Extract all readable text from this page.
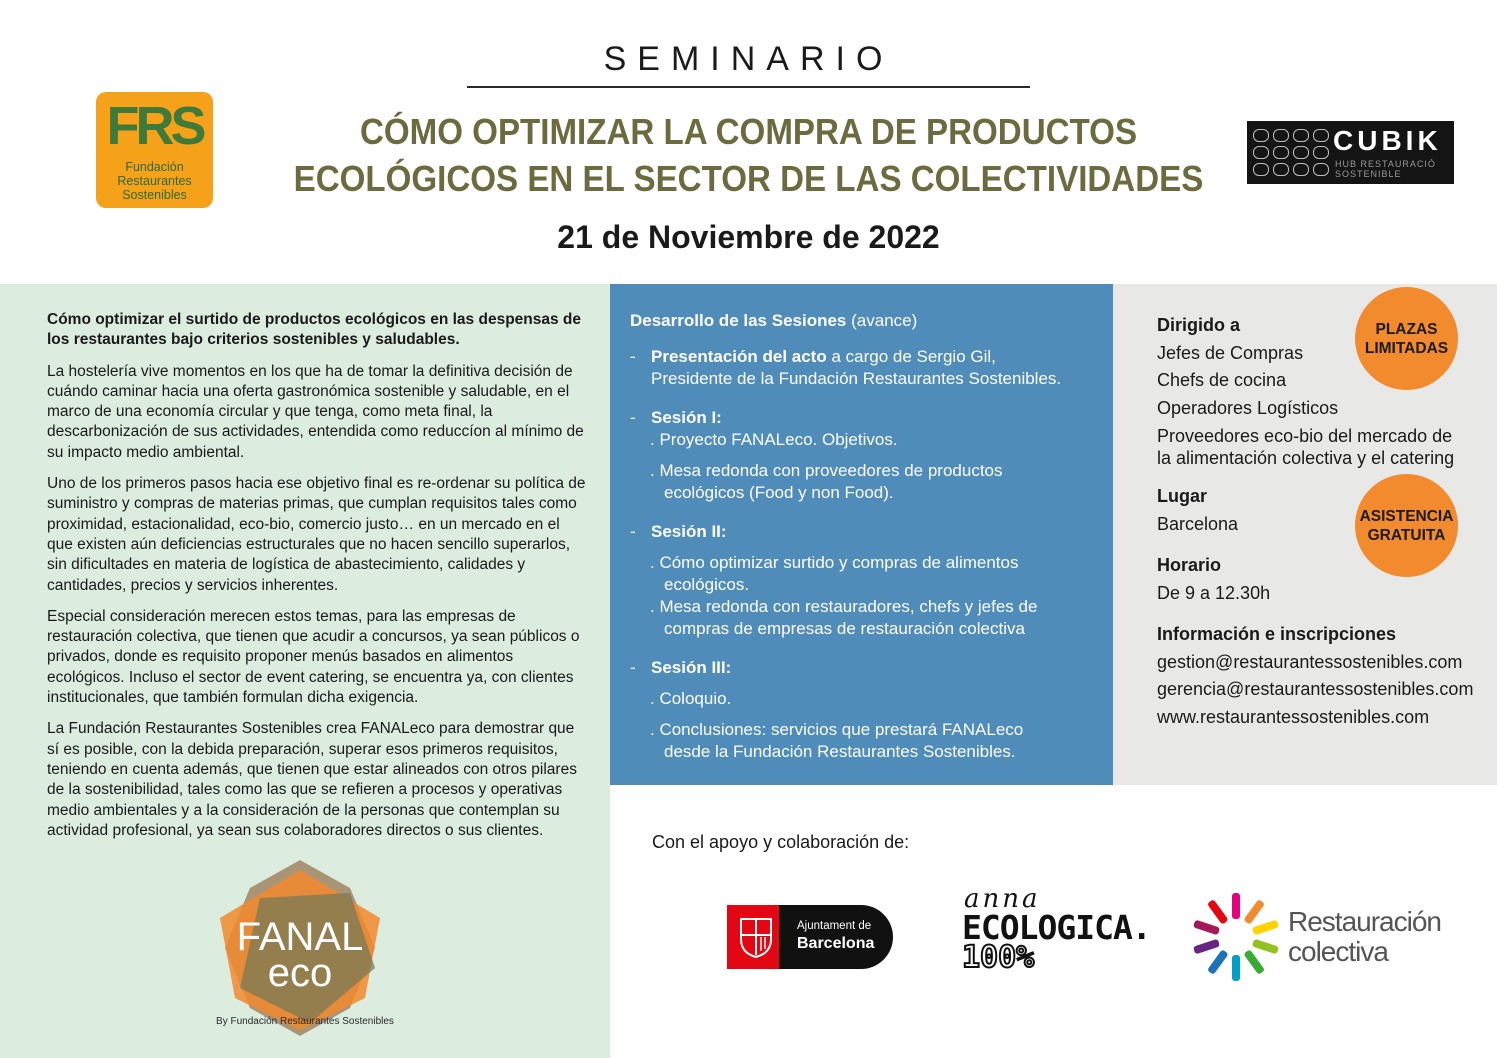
SEMINARIO
CÓMO OPTIMIZAR LA COMPRA DE PRODUCTOS
ECOLÓGICOS EN EL SECTOR DE LAS COLECTIVIDADES
21 de Noviembre de 2022
FRS
Fundación
Restaurantes
Sostenibles
CUBIK
HUB RESTAURACIÓ
SOSTENIBLE

Cómo optimizar el surtido de productos ecológicos en las despensas de los restaurantes bajo criterios sostenibles y saludables.

La hostelería vive momentos en los que ha de tomar la definitiva decisión de cuándo caminar hacia una oferta gastronómica sostenible y saludable, en el marco de una economía circular y que tenga, como meta final, la descarbonización de sus actividades, entendida como reduccíon al mínimo de su impacto medio ambiental.

Uno de los primeros pasos hacia ese objetivo final es re-ordenar su política de suministro y compras de materias primas, que cumplan requisitos tales como proximidad, estacionalidad, eco-bio, comercio justo… en un mercado en el que existen aún deficiencias estructurales que no hacen sencillo superarlos, sin dificultades en materia de logística de abastecimiento, calidades y cantidades, precios y servicios inherentes.

Especial consideración merecen estos temas, para las empresas de restauración colectiva, que tienen que acudir a concursos, ya sean públicos o privados, donde es requisito proponer menús basados en alimentos ecológicos. Incluso el sector de event catering, se encuentra ya, con clientes institucionales, que también formulan dicha exigencia.

La Fundación Restaurantes Sostenibles crea FANALeco para demostrar que sí es posible, con la debida preparación, superar esos primeros requisitos, teniendo en cuenta además, que tienen que estar alineados con otros pilares de la sostenibilidad, tales como las que se refieren a procesos y operativas medio ambientales y a la consideración de la personas que contemplan su actividad profesional, ya sean sus colaboradores directos o sus clientes.

FANAL
eco
By Fundación Restaurantes Sostenibles
Desarrollo de las Sesiones (avance)
- Presentación del acto a cargo de Sergio Gil,
Presidente de la Fundación Restaurantes Sostenibles.
- Sesión I:
. Proyecto FANALeco. Objetivos.
. Mesa redonda con proveedores de productos
ecológicos (Food y non Food).
- Sesión II:
. Cómo optimizar surtido y compras de alimentos
ecológicos.
. Mesa redonda con restauradores, chefs y jefes de
compras de empresas de restauración colectiva
- Sesión III:
. Coloquio.
. Conclusiones: servicios que prestará FANALeco
desde la Fundación Restaurantes Sostenibles.
Dirigido a
Jefes de Compras
Chefs de cocina
Operadores Logísticos
Proveedores eco-bio del mercado de
la alimentación colectiva y el catering
Lugar
Barcelona
Horario
De 9 a 12.30h
Información e inscripciones
gestion@restaurantessostenibles.com
gerencia@restaurantessostenibles.com
www.restaurantessostenibles.com
PLAZAS
LIMITADAS
ASISTENCIA
GRATUITA
Con el apoyo y colaboración de:
Ajuntament de
Barcelona
anna
ECOLOGICA.
100%
Restauración
colectiva
